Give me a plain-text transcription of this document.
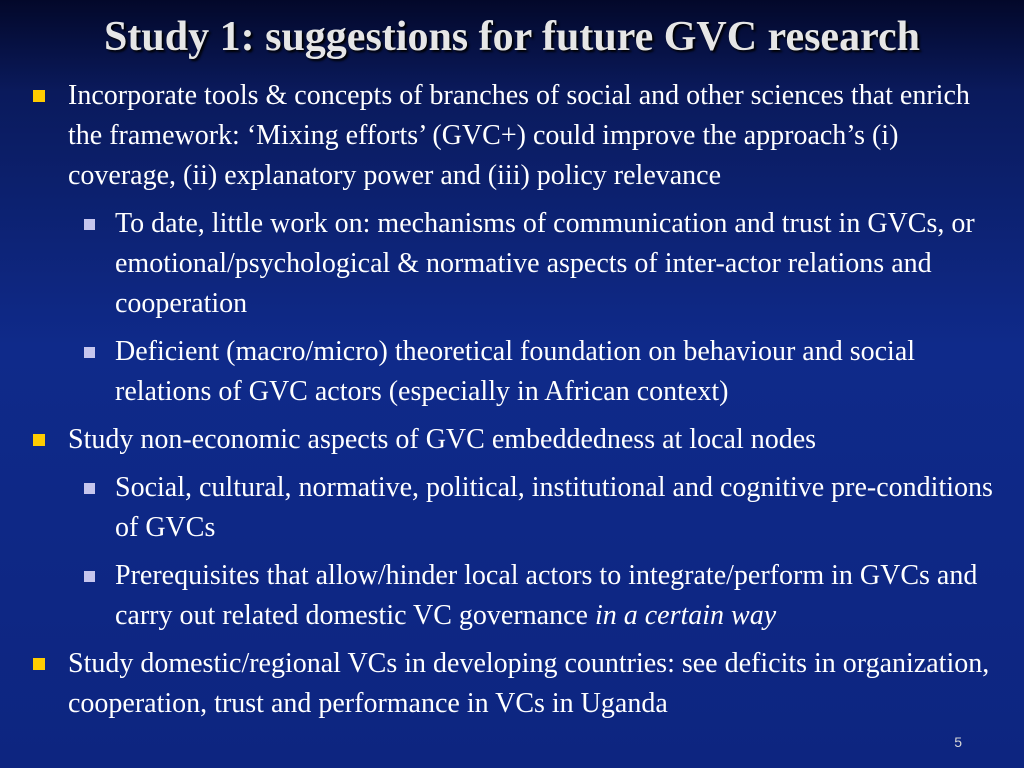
Study 1: suggestions for future GVC research
Incorporate tools & concepts of branches of social and other sciences that enrich the framework: ‘Mixing efforts’ (GVC+) could improve the approach’s (i) coverage, (ii) explanatory power and (iii) policy relevance
To date, little work on: mechanisms of communication and trust in GVCs, or emotional/psychological & normative aspects of inter-actor relations and cooperation
Deficient (macro/micro) theoretical foundation on behaviour and social relations of GVC actors (especially in African context)
Study non-economic aspects of GVC embeddedness at local nodes
Social, cultural, normative, political, institutional and cognitive pre-conditions of GVCs
Prerequisites that allow/hinder local actors to integrate/perform in GVCs and carry out related domestic VC governance in a certain way
Study domestic/regional VCs in developing countries: see deficits in organization, cooperation, trust and performance in VCs in Uganda
5
